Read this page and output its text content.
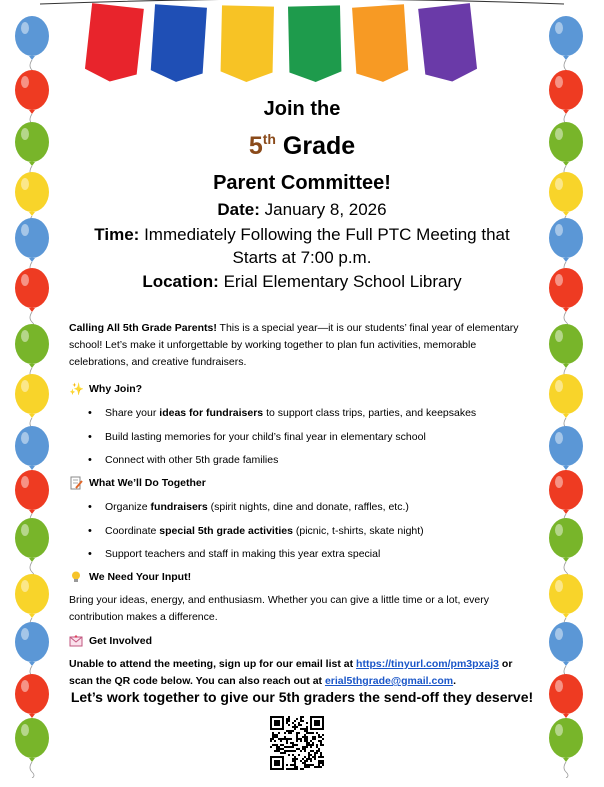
Join the
5th Grade
Parent Committee!
Date: January 8, 2026
Time: Immediately Following the Full PTC Meeting that
Starts at 7:00 p.m.
Location: Erial Elementary School Library
Calling All 5th Grade Parents! This is a special year—it is our students’ final year of elementary school! Let’s make it unforgettable by working together to plan fun activities, memorable celebrations, and creative fundraisers.
✨ Why Join?
• Share your ideas for fundraisers to support class trips, parties, and keepsakes
• Build lasting memories for your child’s final year in elementary school
• Connect with other 5th grade families
What We’ll Do Together
• Organize fundraisers (spirit nights, dine and donate, raffles, etc.)
• Coordinate special 5th grade activities (picnic, t-shirts, skate night)
• Support teachers and staff in making this year extra special
We Need Your Input!
Bring your ideas, energy, and enthusiasm. Whether you can give a little time or a lot, every contribution makes a difference.
Get Involved
Unable to attend the meeting, sign up for our email list at https://tinyurl.com/pm3pxaj3 or scan the QR code below. You can also reach out at erial5thgrade@gmail.com.
Let’s work together to give our 5th graders the send-off they deserve!
